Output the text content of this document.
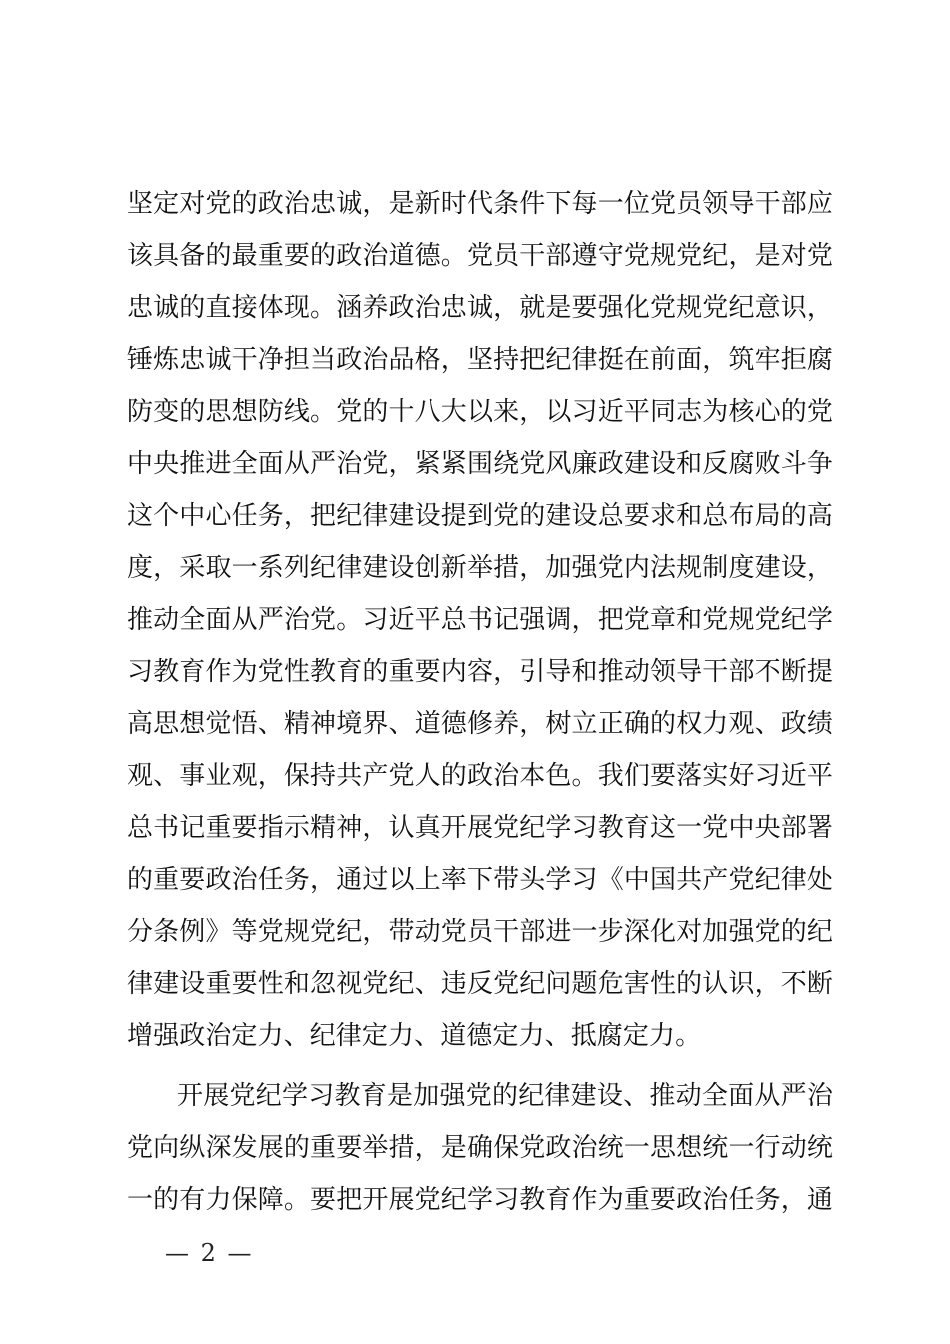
坚定对党的政治忠诚，是新时代条件下每一位党员领导干部应
该具备的最重要的政治道德。党员干部遵守党规党纪，是对党
忠诚的直接体现。涵养政治忠诚，就是要强化党规党纪意识，
锤炼忠诚干净担当政治品格，坚持把纪律挺在前面，筑牢拒腐
防变的思想防线。党的十八大以来，以习近平同志为核心的党
中央推进全面从严治党，紧紧围绕党风廉政建设和反腐败斗争
这个中心任务，把纪律建设提到党的建设总要求和总布局的高
度，采取一系列纪律建设创新举措，加强党内法规制度建设，
推动全面从严治党。习近平总书记强调，把党章和党规党纪学
习教育作为党性教育的重要内容，引导和推动领导干部不断提
高思想觉悟、精神境界、道德修养，树立正确的权力观、政绩
观、事业观，保持共产党人的政治本色。我们要落实好习近平
总书记重要指示精神，认真开展党纪学习教育这一党中央部署
的重要政治任务，通过以上率下带头学习《中国共产党纪律处
分条例》等党规党纪，带动党员干部进一步深化对加强党的纪
律建设重要性和忽视党纪、违反党纪问题危害性的认识，不断
增强政治定力、纪律定力、道德定力、抵腐定力。
开展党纪学习教育是加强党的纪律建设、推动全面从严治
党向纵深发展的重要举措，是确保党政治统一思想统一行动统
一的有力保障。要把开展党纪学习教育作为重要政治任务，通
— 2 —
